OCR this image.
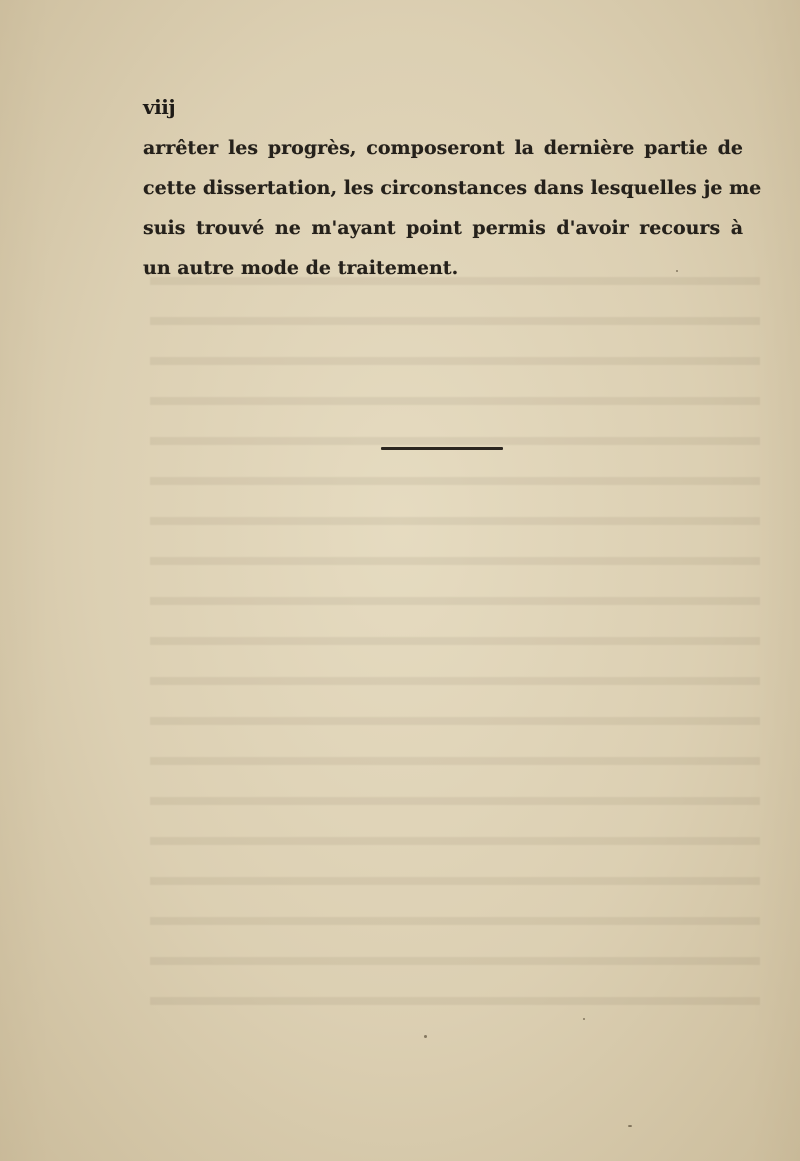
viij
arrêter les progrès, composeront la dernière partie de
cette dissertation, les circonstances dans lesquelles je me
suis trouvé ne m'ayant point permis d'avoir recours à
un autre mode de traitement.
